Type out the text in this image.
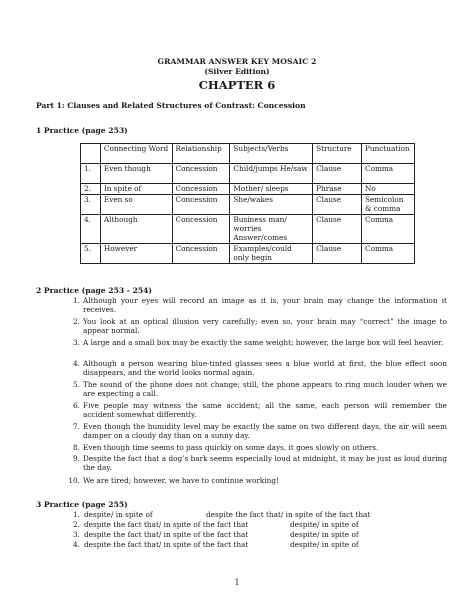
GRAMMAR ANSWER KEY MOSAIC 2
(Silver Edition)
CHAPTER 6
Part 1: Clauses and Related Structures of Contrast: Concession
1 Practice (page 253)
	Connecting Word	Relationship	Subjects/Verbs	Structure	Punctuation
1.	Even though	Concession	Child/jumps He/saw	Clause	Comma
2.	In spite of	Concession	Mother/ sleeps	Phrase	No
3.	Even so	Concession	She/wakes	Clause	Semicolon & comma
4.	Although	Concession	Business man/ worries Answer/comes	Clause	Comma
5.	However	Concession	Examples/could only begin	Clause	Comma
2 Practice (page 253 - 254)
1. Although your eyes will record an image as it is, your brain may change the information it receives.
2. You look at an optical illusion very carefully; even so, your brain may “correct” the image to appear normal.
3. A large and a small box may be exactly the same weight; however, the large box will feel heavier.
4. Although a person wearing blue-tinted glasses sees a blue world at first, the blue effect soon disappears, and the world looks normal again.
5. The sound of the phone does not change; still, the phone appears to ring much louder when we are expecting a call.
6. Five people may witness the same accident; all the same, each person will remember the accident somewhat differently.
7. Even though the humidity level may be exactly the same on two different days, the air will seem damper on a cloudy day than on a sunny day.
8. Even though time seems to pass quickly on some days, it goes slowly on others.
9. Despite the fact that a dog’s bark seems especially loud at midnight, it may be just as loud during the day.
10. We are tired; however, we have to continue working!
3 Practice (page 255)
1. despite/ in spite of	despite the fact that/ in spite of the fact that
2. despite the fact that/ in spite of the fact that	despite/ in spite of
3. despite the fact that/ in spite of the fact that	despite/ in spite of
4. despite the fact that/ in spite of the fact that	despite/ in spite of
1
